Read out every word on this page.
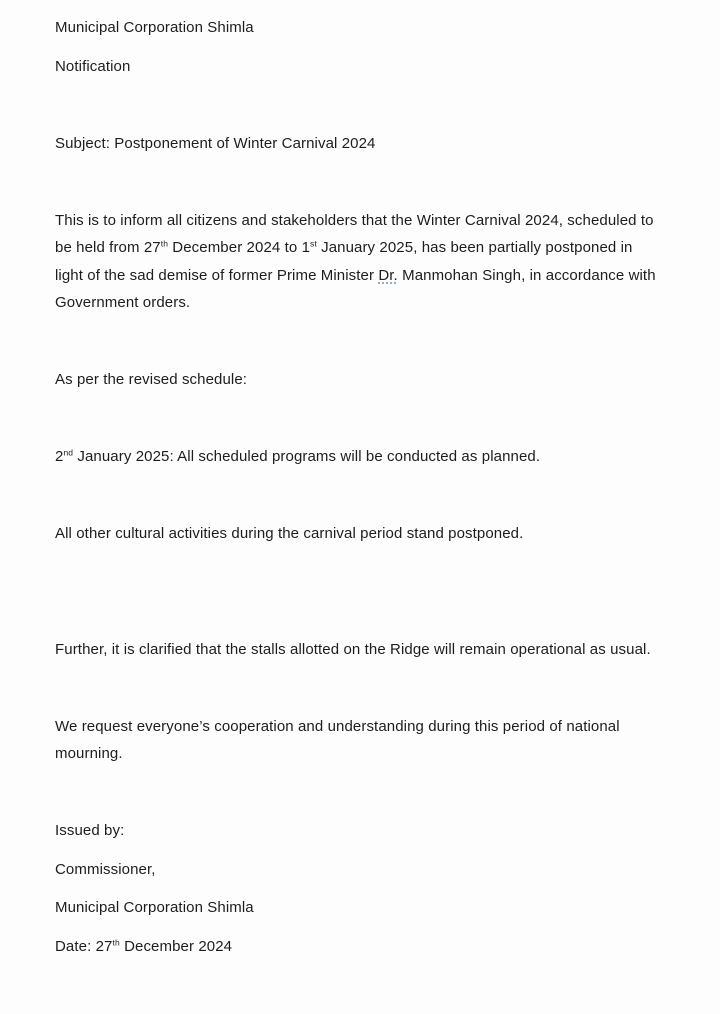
Municipal Corporation Shimla

Notification

Subject: Postponement of Winter Carnival 2024

This is to inform all citizens and stakeholders that the Winter Carnival 2024, scheduled to
be held from 27th December 2024 to 1st January 2025, has been partially postponed in
light of the sad demise of former Prime Minister Dr. Manmohan Singh, in accordance with
Government orders.

As per the revised schedule:

2nd January 2025: All scheduled programs will be conducted as planned.

All other cultural activities during the carnival period stand postponed.

Further, it is clarified that the stalls allotted on the Ridge will remain operational as usual.

We request everyone’s cooperation and understanding during this period of national
mourning.

Issued by:

Commissioner,

Municipal Corporation Shimla

Date: 27th December 2024
